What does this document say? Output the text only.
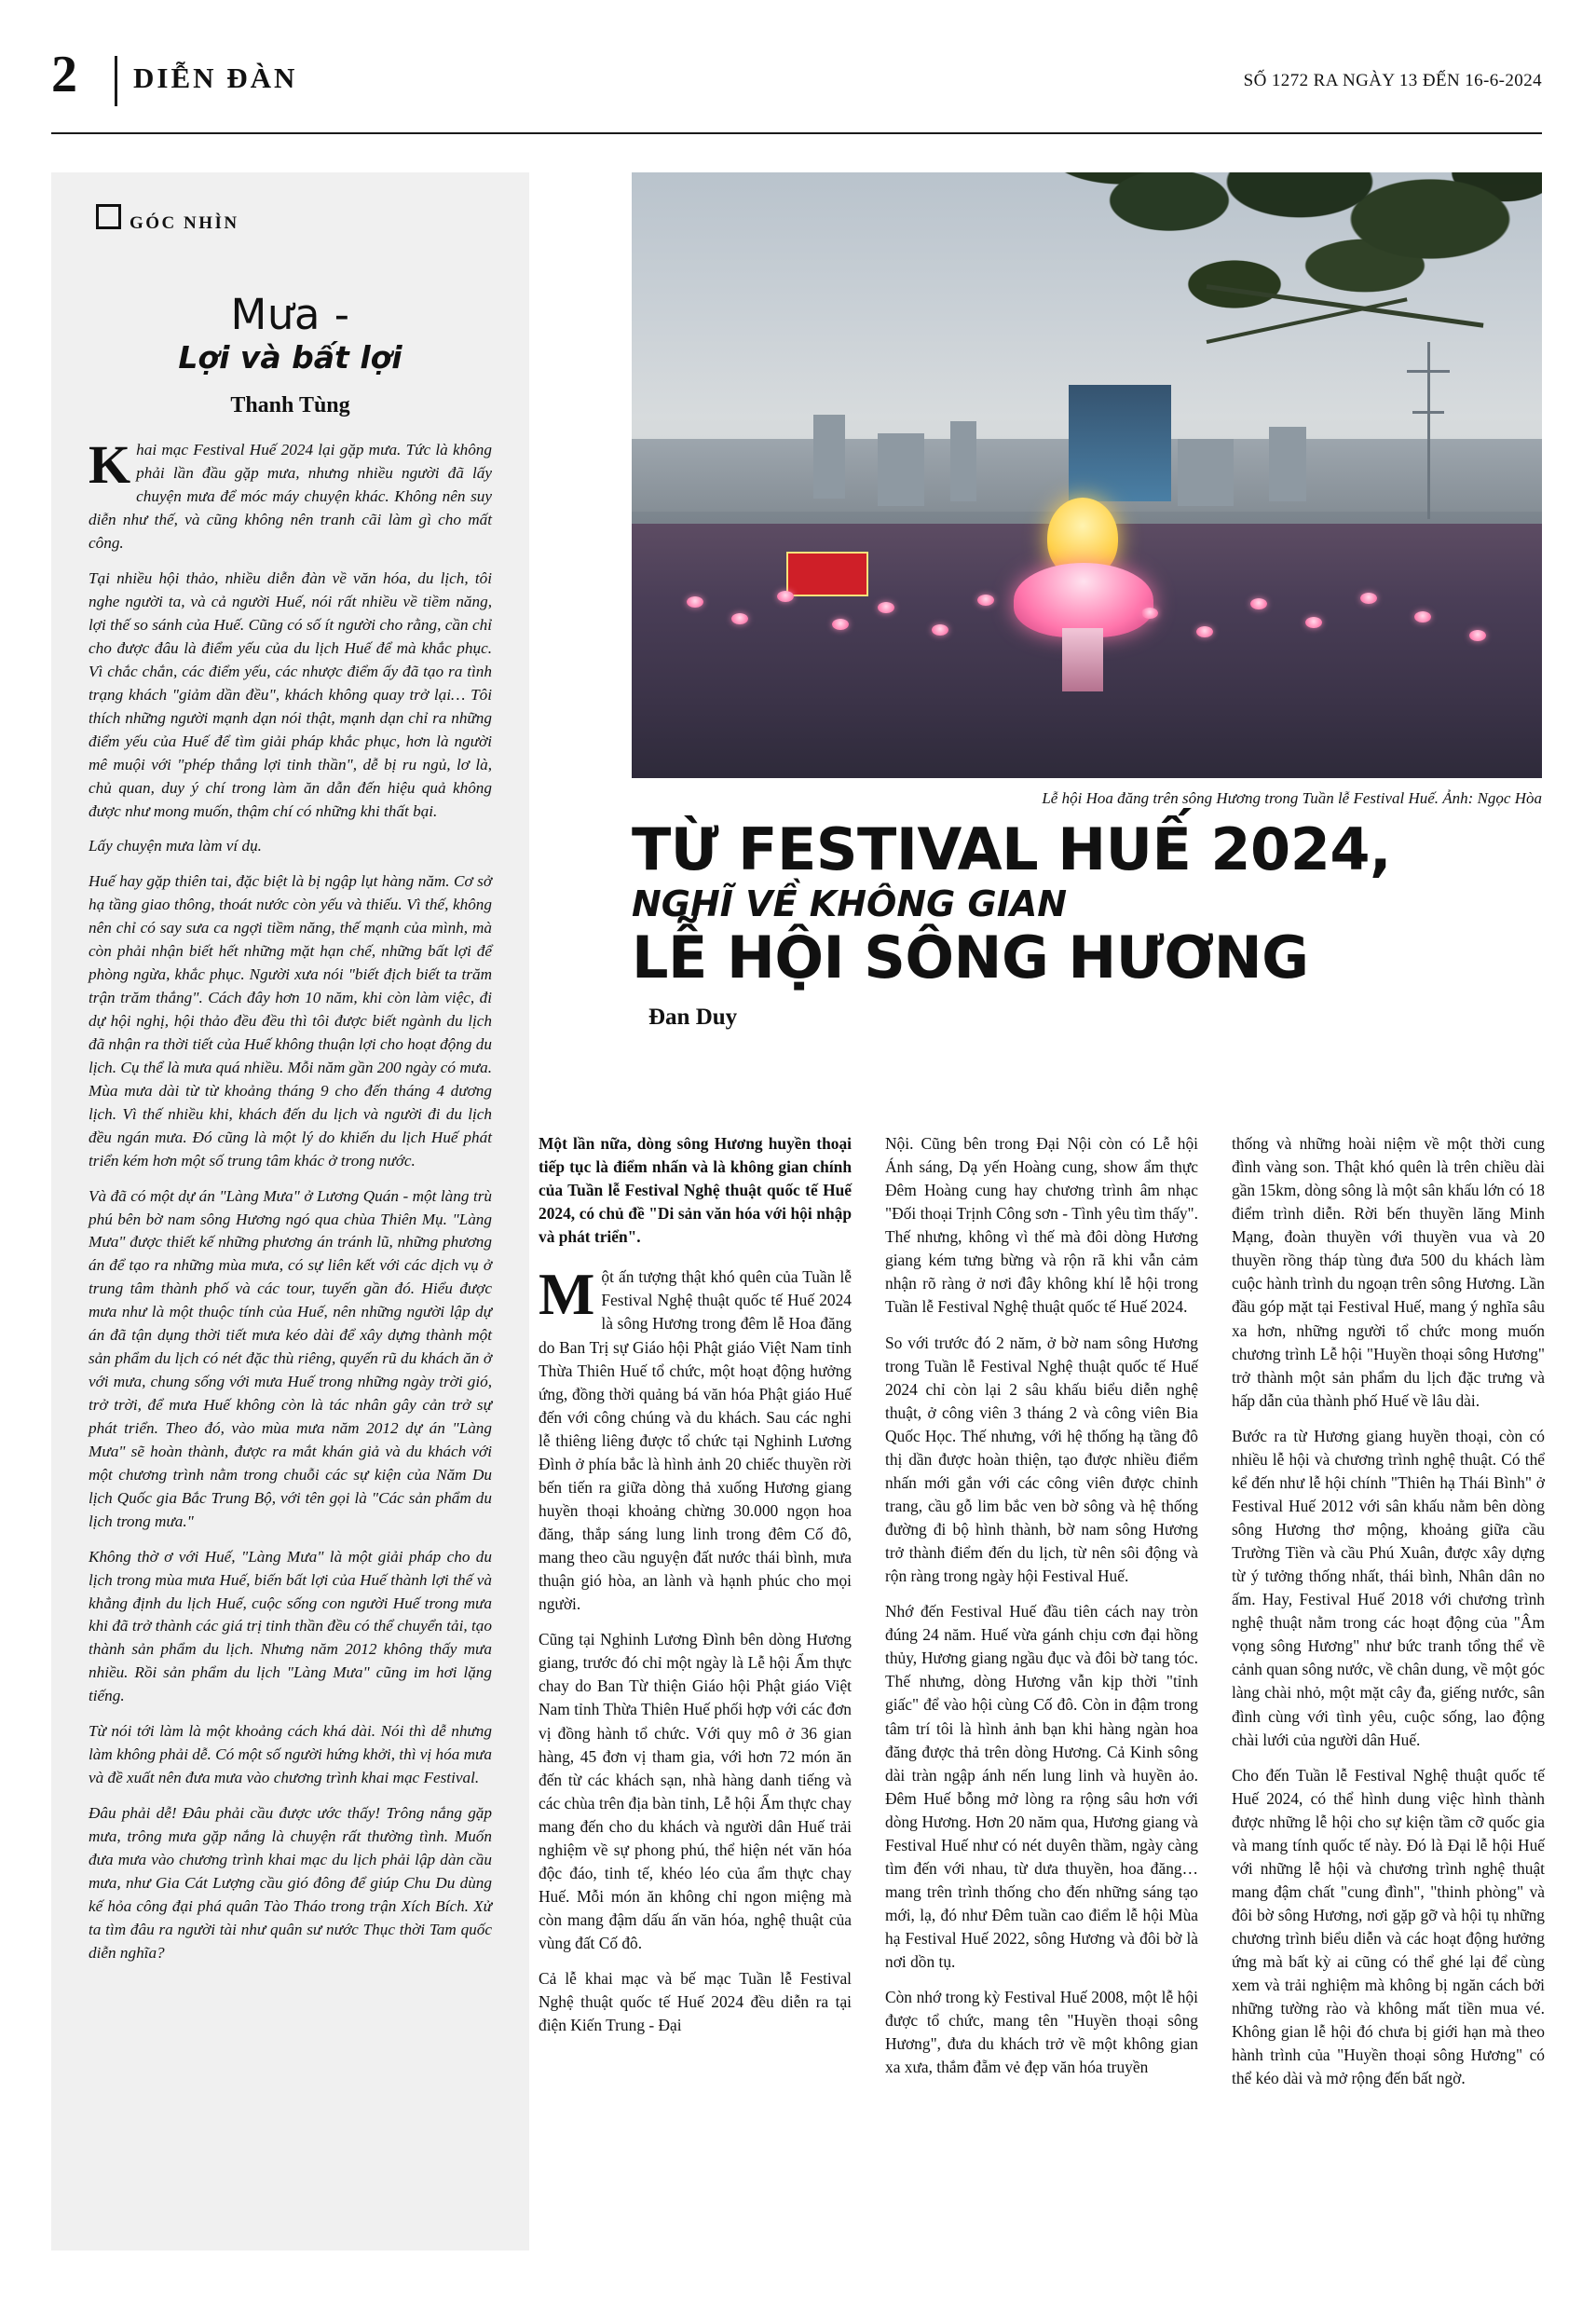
2 DIỄN ĐÀN	SỐ 1272 RA NGÀY 13 ĐẾN 16-6-2024
GÓC NHÌN
Mưa -
Lợi và bất lợi
Thanh Tùng

Khai mạc Festival Huế 2024 lại gặp mưa. Tức là không phải lần đầu gặp mưa, nhưng nhiều người đã lấy chuyện mưa để móc máy chuyện khác. Không nên suy diễn như thế, và cũng không nên tranh cãi làm gì cho mất công.

Tại nhiều hội thảo, nhiều diễn đàn về văn hóa, du lịch, tôi nghe người ta, và cả người Huế, nói rất nhiều về tiềm năng, lợi thế so sánh của Huế. Cũng có số ít người cho rằng, cần chỉ cho được đâu là điểm yếu của du lịch Huế để mà khắc phục. Vì chắc chắn, các điểm yếu, các nhược điểm ấy đã tạo ra tình trạng khách "giảm dần đều", khách không quay trở lại… Tôi thích những người mạnh dạn nói thật, mạnh dạn chỉ ra những điểm yếu của Huế để tìm giải pháp khắc phục, hơn là người mê muội với "phép thắng lợi tinh thần", dễ bị ru ngủ, lơ là, chủ quan, duy ý chí trong làm ăn dẫn đến hiệu quả không được như mong muốn, thậm chí có những khi thất bại.

Lấy chuyện mưa làm ví dụ.

Huế hay gặp thiên tai, đặc biệt là bị ngập lụt hàng năm. Cơ sở hạ tầng giao thông, thoát nước còn yếu và thiếu. Vì thế, không nên chỉ có say sưa ca ngợi tiềm năng, thế mạnh của mình, mà còn phải nhận biết hết những mặt hạn chế, những bất lợi để phòng ngừa, khắc phục. Người xưa nói "biết địch biết ta trăm trận trăm thắng". Cách đây hơn 10 năm, khi còn làm việc, đi dự hội nghị, hội thảo đều đều thì tôi được biết ngành du lịch đã nhận ra thời tiết của Huế không thuận lợi cho hoạt động du lịch. Cụ thể là mưa quá nhiều. Mỗi năm gần 200 ngày có mưa. Mùa mưa dài từ từ khoảng tháng 9 cho đến tháng 4 dương lịch. Vì thế nhiều khi, khách đến du lịch và người đi du lịch đều ngán mưa. Đó cũng là một lý do khiến du lịch Huế phát triển kém hơn một số trung tâm khác ở trong nước.

Và đã có một dự án "Làng Mưa" ở Lương Quán - một làng trù phú bên bờ nam sông Hương ngó qua chùa Thiên Mụ. "Làng Mưa" được thiết kế những phương án tránh lũ, những phương án để tạo ra những mùa mưa, có sự liên kết với các dịch vụ ở trung tâm thành phố và các tour, tuyến gần đó. Hiểu được mưa như là một thuộc tính của Huế, nên những người lập dự án đã tận dụng thời tiết mưa kéo dài để xây dựng thành một sản phẩm du lịch có nét đặc thù riêng, quyến rũ du khách ăn ở với mưa, chung sống với mưa Huế trong những ngày trời gió, trở trời, để mưa Huế không còn là tác nhân gây cản trở sự phát triển. Theo đó, vào mùa mưa năm 2012 dự án "Làng Mưa" sẽ hoàn thành, được ra mắt khán giả và du khách với một chương trình nằm trong chuỗi các sự kiện của Năm Du lịch Quốc gia Bắc Trung Bộ, với tên gọi là "Các sản phẩm du lịch trong mưa."

Không thờ ơ với Huế, "Làng Mưa" là một giải pháp cho du lịch trong mùa mưa Huế, biến bất lợi của Huế thành lợi thế và khẳng định du lịch Huế, cuộc sống con người Huế trong mưa khi đã trở thành các giá trị tinh thần đều có thể chuyển tải, tạo thành sản phẩm du lịch. Nhưng năm 2012 không thấy mưa nhiều. Rồi sản phẩm du lịch "Làng Mưa" cũng im hơi lặng tiếng.

Từ nói tới làm là một khoảng cách khá dài. Nói thì dễ nhưng làm không phải dễ. Có một số người hứng khởi, thì vị hóa mưa và đề xuất nên đưa mưa vào chương trình khai mạc Festival.

Đâu phải dễ! Đâu phải cầu được ước thấy! Trông nắng gặp mưa, trông mưa gặp nắng là chuyện rất thường tình. Muốn đưa mưa vào chương trình khai mạc du lịch phải lập dàn cầu mưa, như Gia Cát Lượng cầu gió đông để giúp Chu Du dùng kế hỏa công đại phá quân Tào Tháo trong trận Xích Bích. Xử ta tìm đâu ra người tài như quân sư nước Thục thời Tam quốc diễn nghĩa?

Lễ hội Hoa đăng trên sông Hương trong Tuần lễ Festival Huế. Ảnh: Ngọc Hòa
TỪ FESTIVAL HUẾ 2024,
NGHĨ VỀ KHÔNG GIAN
LỄ HỘI SÔNG HƯƠNG
Đan Duy

Một lần nữa, dòng sông Hương huyền thoại tiếp tục là điểm nhấn và là không gian chính của Tuần lễ Festival Nghệ thuật quốc tế Huế 2024, có chủ đề "Di sản văn hóa với hội nhập và phát triển".

Một ấn tượng thật khó quên của Tuần lễ Festival Nghệ thuật quốc tế Huế 2024 là sông Hương trong đêm lễ Hoa đăng do Ban Trị sự Giáo hội Phật giáo Việt Nam tỉnh Thừa Thiên Huế tổ chức, một hoạt động hưởng ứng, đồng thời quảng bá văn hóa Phật giáo Huế đến với công chúng và du khách. Sau các nghi lễ thiêng liêng được tổ chức tại Nghinh Lương Đình ở phía bắc là hình ảnh 20 chiếc thuyền rời bến tiến ra giữa dòng thả xuống Hương giang huyền thoại khoảng chừng 30.000 ngọn hoa đăng, thắp sáng lung linh trong đêm Cố đô, mang theo cầu nguyện đất nước thái bình, mưa thuận gió hòa, an lành và hạnh phúc cho mọi người.

Cũng tại Nghinh Lương Đình bên dòng Hương giang, trước đó chỉ một ngày là Lễ hội Ẩm thực chay do Ban Từ thiện Giáo hội Phật giáo Việt Nam tỉnh Thừa Thiên Huế phối hợp với các đơn vị đồng hành tổ chức. Với quy mô ở 36 gian hàng, 45 đơn vị tham gia, với hơn 72 món ăn đến từ các khách sạn, nhà hàng danh tiếng và các chùa trên địa bàn tỉnh, Lễ hội Ẩm thực chay mang đến cho du khách và người dân Huế trải nghiệm về sự phong phú, thể hiện nét văn hóa độc đáo, tinh tế, khéo léo của ẩm thực chay Huế. Mỗi món ăn không chỉ ngon miệng mà còn mang đậm dấu ấn văn hóa, nghệ thuật của vùng đất Cố đô.

Cả lễ khai mạc và bế mạc Tuần lễ Festival Nghệ thuật quốc tế Huế 2024 đều diễn ra tại điện Kiến Trung - Đại

Nội. Cũng bên trong Đại Nội còn có Lễ hội Ánh sáng, Dạ yến Hoàng cung, show ẩm thực Đêm Hoàng cung hay chương trình âm nhạc "Đối thoại Trịnh Công sơn - Tình yêu tìm thấy". Thế nhưng, không vì thế mà đôi dòng Hương giang kém tưng bừng và rộn rã khi vẫn cảm nhận rõ ràng ở nơi đây không khí lễ hội trong Tuần lễ Festival Nghệ thuật quốc tế Huế 2024.

So với trước đó 2 năm, ở bờ nam sông Hương trong Tuần lễ Festival Nghệ thuật quốc tế Huế 2024 chỉ còn lại 2 sâu khấu biểu diễn nghệ thuật, ở công viên 3 tháng 2 và công viên Bia Quốc Học. Thế nhưng, với hệ thống hạ tầng đô thị dần được hoàn thiện, tạo được nhiều điểm nhấn mới gắn với các công viên được chỉnh trang, cầu gỗ lim bắc ven bờ sông và hệ thống đường đi bộ hình thành, bờ nam sông Hương trở thành điểm đến du lịch, từ nên sôi động và rộn ràng trong ngày hội Festival Huế.

Nhớ đến Festival Huế đầu tiên cách nay tròn đúng 24 năm. Huế vừa gánh chịu cơn đại hồng thủy, Hương giang ngầu đục và đôi bờ tang tóc. Thế nhưng, dòng Hương vẫn kịp thời "tỉnh giấc" để vào hội cùng Cố đô. Còn in đậm trong tâm trí tôi là hình ảnh bạn khi hàng ngàn hoa đăng được thả trên dòng Hương. Cả Kinh sông dài tràn ngập ánh nến lung linh và huyền ảo. Đêm Huế bỗng mở lòng ra rộng sâu hơn với dòng Hương. Hơn 20 năm qua, Hương giang và Festival Huế như có nét duyên thầm, ngày càng tìm đến với nhau, từ dưa thuyền, hoa đăng… mang trên trình thống cho đến những sáng tạo mới, lạ, đó như Đêm tuần cao điểm lễ hội Mùa hạ Festival Huế 2022, sông Hương và đôi bờ là nơi dồn tụ.

Còn nhớ trong kỳ Festival Huế 2008, một lễ hội được tổ chức, mang tên "Huyền thoại sông Hương", đưa du khách trở về một không gian xa xưa, thắm đẵm vẻ đẹp văn hóa truyền

thống và những hoài niệm về một thời cung đình vàng son. Thật khó quên là trên chiều dài gần 15km, dòng sông là một sân khấu lớn có 18 điểm trình diễn. Rời bến thuyền lăng Minh Mạng, đoàn thuyền với thuyền vua và 20 thuyền rồng tháp tùng đưa 500 du khách làm cuộc hành trình du ngoạn trên sông Hương. Lần đầu góp mặt tại Festival Huế, mang ý nghĩa sâu xa hơn, những người tổ chức mong muốn chương trình Lễ hội "Huyền thoại sông Hương" trở thành một sản phẩm du lịch đặc trưng và hấp dẫn của thành phố Huế về lâu dài.

Bước ra từ Hương giang huyền thoại, còn có nhiều lễ hội và chương trình nghệ thuật. Có thể kể đến như lễ hội chính "Thiên hạ Thái Bình" ở Festival Huế 2012 với sân khấu nằm bên dòng sông Hương thơ mộng, khoảng giữa cầu Trường Tiền và cầu Phú Xuân, được xây dựng từ ý tưởng thống nhất, thái bình, Nhân dân no ấm. Hay, Festival Huế 2018 với chương trình nghệ thuật nằm trong các hoạt động của "Âm vọng sông Hương" như bức tranh tổng thể về cảnh quan sông nước, về chân dung, về một góc làng chài nhỏ, một mặt cây đa, giếng nước, sân đình cùng với tình yêu, cuộc sống, lao động chài lưới của người dân Huế.

Cho đến Tuần lễ Festival Nghệ thuật quốc tế Huế 2024, có thể hình dung việc hình thành được những lễ hội cho sự kiện tầm cỡ quốc gia và mang tính quốc tế này. Đó là Đại lễ hội Huế với những lễ hội và chương trình nghệ thuật mang đậm chất "cung đình", "thinh phòng" và đôi bờ sông Hương, nơi gặp gỡ và hội tụ những chương trình biểu diễn và các hoạt động hưởng ứng mà bất kỳ ai cũng có thể ghé lại để cùng xem và trải nghiệm mà không bị ngăn cách bởi những tường rào và không mất tiền mua vé. Không gian lễ hội đó chưa bị giới hạn mà theo hành trình của "Huyền thoại sông Hương" có thể kéo dài và mở rộng đến bất ngờ.
